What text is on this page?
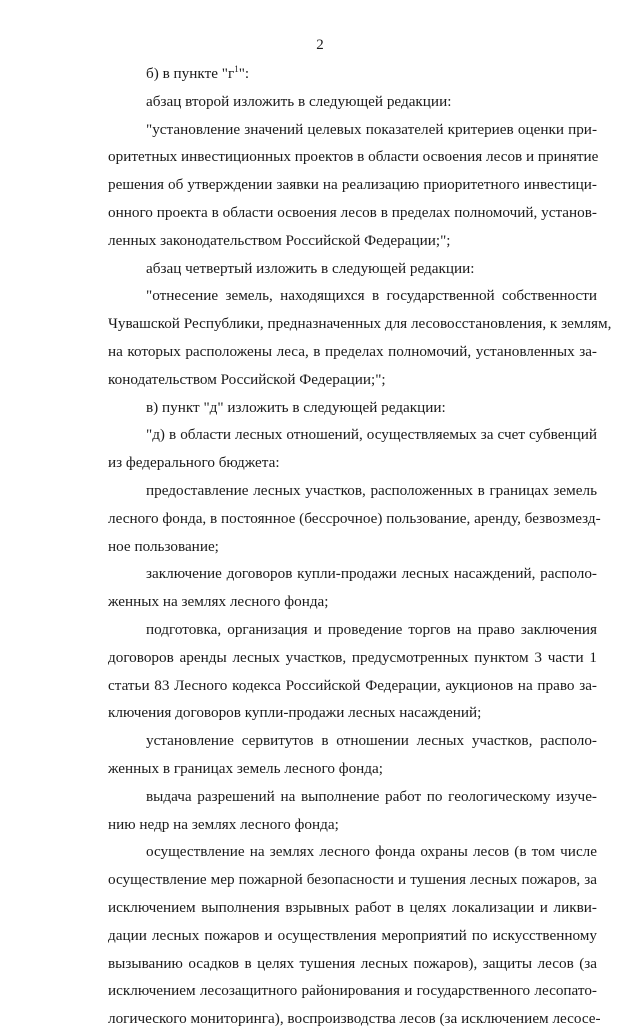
2
б) в пункте "$г^1$":
абзац второй изложить в следующей редакции:
"установление значений целевых показателей критериев оценки при-
оритетных инвестиционных проектов в области освоения лесов и принятие
решения об утверждении заявки на реализацию приоритетного инвестици-
онного проекта в области освоения лесов в пределах полномочий, установ-
ленных законодательством Российской Федерации;";
абзац четвертый изложить в следующей редакции:
"отнесение земель, находящихся в государственной собственности
Чувашской Республики, предназначенных для лесовосстановления, к землям,
на которых расположены леса, в пределах полномочий, установленных за-
конодательством Российской Федерации;";
в) пункт "д" изложить в следующей редакции:
"д) в области лесных отношений, осуществляемых за счет субвенций
из федерального бюджета:
предоставление лесных участков, расположенных в границах земель
лесного фонда, в постоянное (бессрочное) пользование, аренду, безвозмезд-
ное пользование;
заключение договоров купли-продажи лесных насаждений, располо-
женных на землях лесного фонда;
подготовка, организация и проведение торгов на право заключения
договоров аренды лесных участков, предусмотренных пунктом 3 части 1
статьи 83 Лесного кодекса Российской Федерации, аукционов на право за-
ключения договоров купли-продажи лесных насаждений;
установление сервитутов в отношении лесных участков, располо-
женных в границах земель лесного фонда;
выдача разрешений на выполнение работ по геологическому изуче-
нию недр на землях лесного фонда;
осуществление на землях лесного фонда охраны лесов (в том числе
осуществление мер пожарной безопасности и тушения лесных пожаров, за
исключением выполнения взрывных работ в целях локализации и ликви-
дации лесных пожаров и осуществления мероприятий по искусственному
вызыванию осадков в целях тушения лесных пожаров), защиты лесов (за
исключением лесозащитного районирования и государственного лесопато-
логического мониторинга), воспроизводства лесов (за исключением лесосе-
